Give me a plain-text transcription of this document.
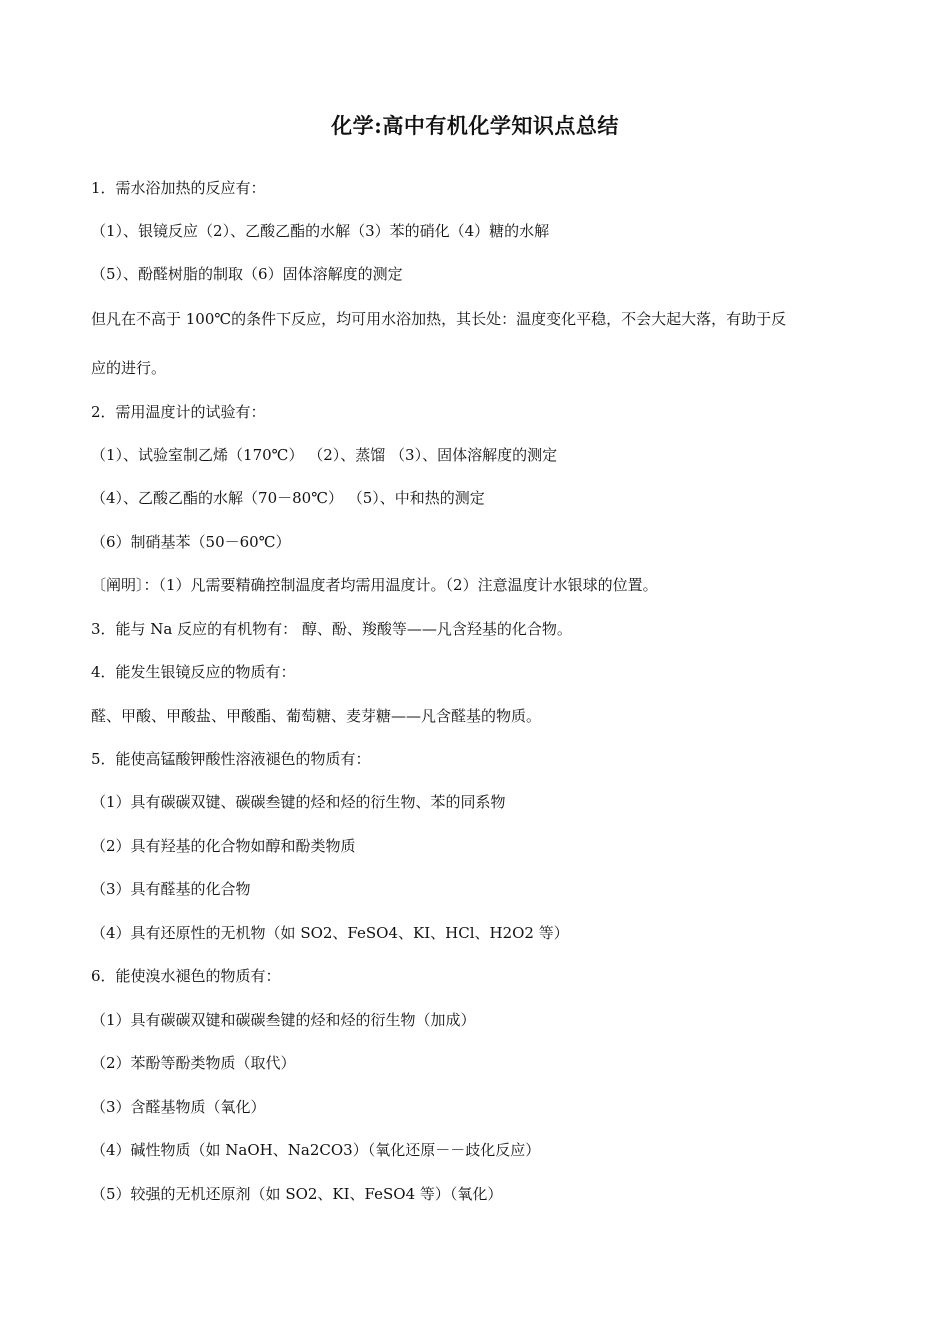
化学:高中有机化学知识点总结
1．需水浴加热的反应有：
（1）、银镜反应（2）、乙酸乙酯的水解（3）苯的硝化（4）糖的水解
（5）、酚醛树脂的制取（6）固体溶解度的测定
但凡在不高于 100℃的条件下反应，均可用水浴加热，其长处：温度变化平稳，不会大起大落，有助于反
应的进行。
2．需用温度计的试验有：
（1）、试验室制乙烯（170℃） （2）、蒸馏 （3）、固体溶解度的测定
（4）、乙酸乙酯的水解（70－80℃） （5）、中和热的测定
（6）制硝基苯（50－60℃）
〔阐明〕：（1）凡需要精确控制温度者均需用温度计。（2）注意温度计水银球的位置。
3．能与 Na 反应的有机物有： 醇、酚、羧酸等——凡含羟基的化合物。
4．能发生银镜反应的物质有：
醛、甲酸、甲酸盐、甲酸酯、葡萄糖、麦芽糖——凡含醛基的物质。
5．能使高锰酸钾酸性溶液褪色的物质有：
（1）具有碳碳双键、碳碳叁键的烃和烃的衍生物、苯的同系物
（2）具有羟基的化合物如醇和酚类物质
（3）具有醛基的化合物
（4）具有还原性的无机物（如 SO2、FeSO4、KI、HCl、H2O2 等）
6．能使溴水褪色的物质有：
（1）具有碳碳双键和碳碳叁键的烃和烃的衍生物（加成）
（2）苯酚等酚类物质（取代）
（3）含醛基物质（氧化）
（4）碱性物质（如 NaOH、Na2CO3）（氧化还原－－歧化反应）
（5）较强的无机还原剂（如 SO2、KI、FeSO4 等）（氧化）
